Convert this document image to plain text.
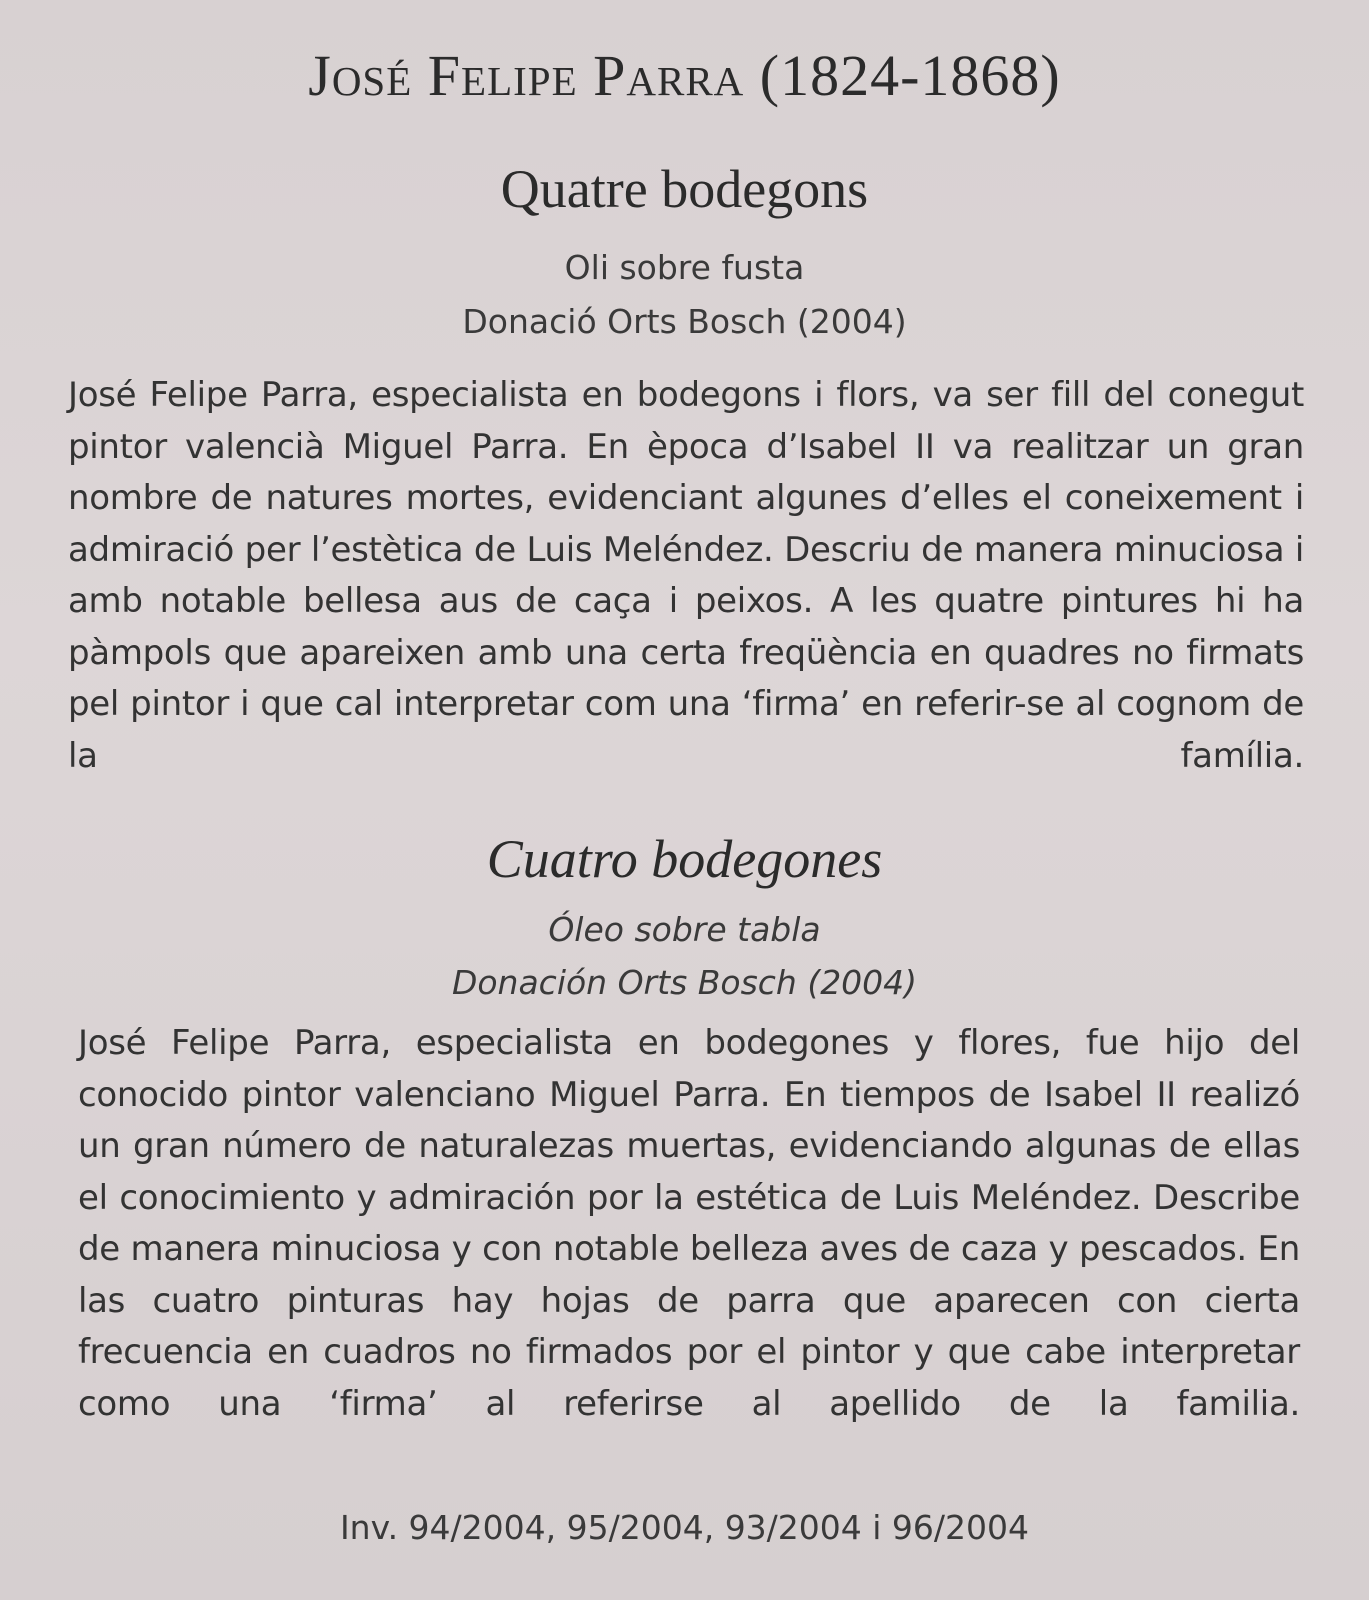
José Felipe Parra (1824-1868)
Quatre bodegons
Oli sobre fusta
Donació Orts Bosch (2004)
José Felipe Parra, especialista en bodegons i flors, va ser fill del conegut pintor valencià Miguel Parra. En època d’Isabel II va realitzar un gran nombre de natures mortes, evidenciant algunes d’elles el coneixement i admiració per l’estètica de Luis Meléndez. Descriu de manera minuciosa i amb notable bellesa aus de caça i peixos. A les quatre pintures hi ha pàmpols que apareixen amb una certa freqüència en quadres no firmats pel pintor i que cal interpretar com una ‘firma’ en referir-se al cognom de la família.
Cuatro bodegones
Óleo sobre tabla
Donación Orts Bosch (2004)
José Felipe Parra, especialista en bodegones y flores, fue hijo del conocido pintor valenciano Miguel Parra. En tiempos de Isabel II realizó un gran número de naturalezas muertas, evidenciando algunas de ellas el conocimiento y admiración por la estética de Luis Meléndez. Describe de manera minuciosa y con notable belleza aves de caza y pescados. En las cuatro pinturas hay hojas de parra que aparecen con cierta frecuencia en cuadros no firmados por el pintor y que cabe interpretar como una ‘firma’ al referirse al apellido de la familia.
Inv. 94/2004, 95/2004, 93/2004 i 96/2004
